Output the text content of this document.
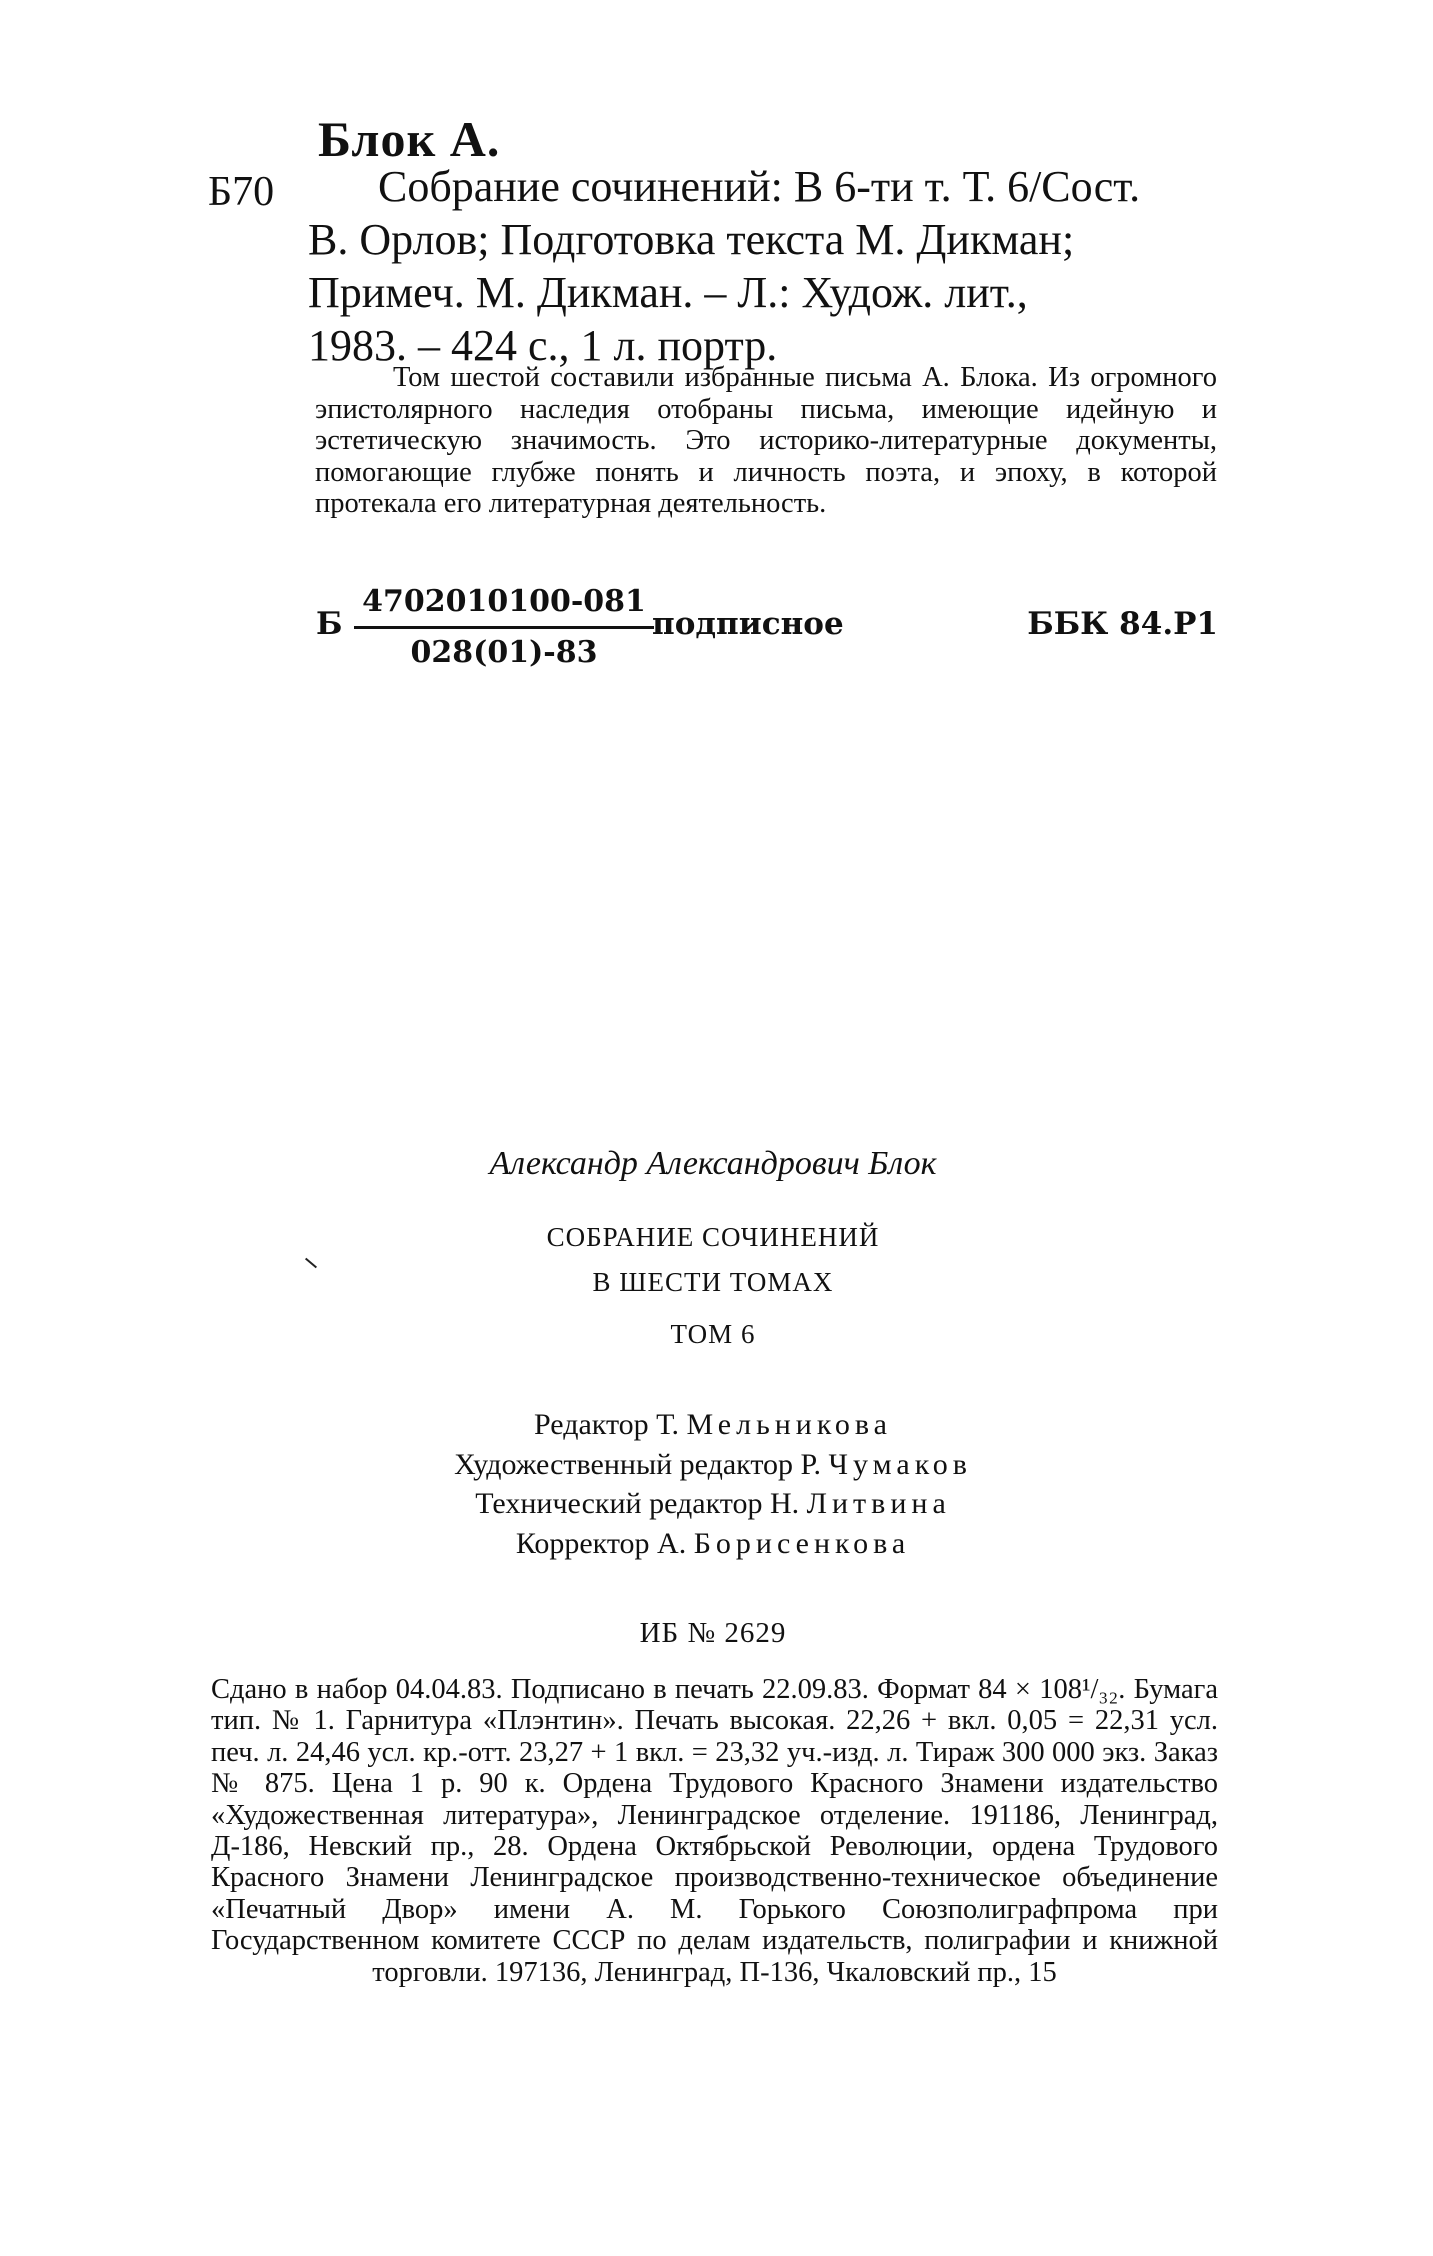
Блок А.
Б70	Собрание сочинений: В 6-ти т. Т. 6/Сост.
В. Орлов; Подготовка текста М. Дикман;
Примеч. М. Дикман. – Л.: Худож. лит.,
1983. – 424 с., 1 л. портр.
Том шестой составили избранные письма А. Блока. Из огромного эпистолярного наследия отобраны письма, имеющие идейную и эстетическую значимость. Это историко-литературные документы, помогающие глубже понять и личность поэта, и эпоху, в которой протекала его литературная деятельность.
Б
4702010100-081
028(01)-83
подписное	ББК 84.Р1
Александр Александрович Блок
СОБРАНИЕ СОЧИНЕНИЙ
В ШЕСТИ ТОМАХ
ТОМ 6
Редактор Т. Мельникова
Художественный редактор Р. Чумаков
Технический редактор Н. Литвина
Корректор А. Борисенкова
ИБ № 2629
Сдано в набор 04.04.83. Подписано в печать 22.09.83. Формат 84 × 108¹/₃₂. Бумага тип. № 1. Гарнитура «Плэнтин». Печать высокая. 22,26 + вкл. 0,05 = 22,31 усл. печ. л. 24,46 усл. кр.-отт. 23,27 + 1 вкл. = 23,32 уч.-изд. л. Тираж 300 000 экз. Заказ № 875. Цена 1 р. 90 к. Ордена Трудового Красного Знамени издательство «Художественная литература», Ленинградское отделение. 191186, Ленинград, Д-186, Невский пр., 28. Ордена Октябрьской Революции, ордена Трудового Красного Знамени Ленинградское производственно-техническое объединение «Печатный Двор» имени А. М. Горького Союзполиграфпрома при Государственном комитете СССР по делам издательств, полиграфии и книжной торговли. 197136, Ленинград, П-136, Чкаловский пр., 15
